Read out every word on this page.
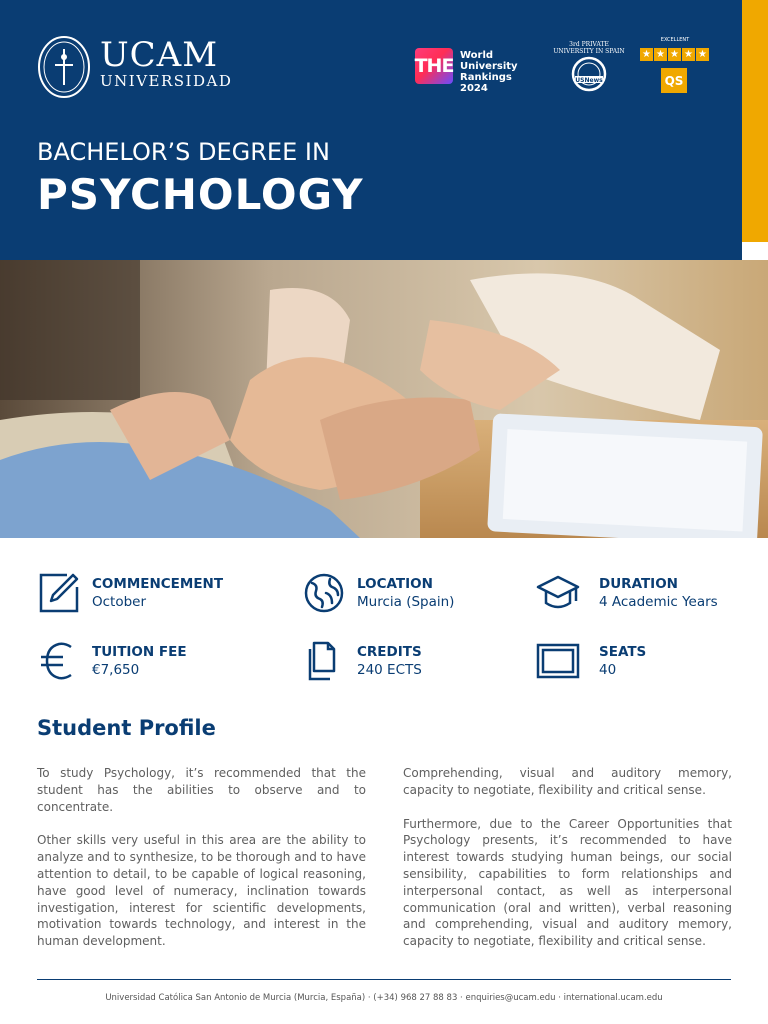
UCAM
UNIVERSIDAD
THE World
University
Rankings 2024
3rd PRIVATE
UNIVERSITY IN SPAIN
USNews
EXCELLENT
★ ★ ★ ★ ★
QS
BACHELOR’S DEGREE IN
PSYCHOLOGY
COMMENCEMENT
October
LOCATION
Murcia (Spain)
DURATION
4 Academic Years
TUITION FEE
€7,650
CREDITS
240 ECTS
SEATS
40
Student Profile

To study Psychology, it’s recommended that the student has the abilities to observe and to concentrate.

Other skills very useful in this area are the ability to analyze and to synthesize, to be thorough and to have attention to detail, to be capable of logical reasoning, have good level of numeracy, inclination towards investigation, interest for scientific developments, motivation towards technology, and interest in the human development.

Comprehending, visual and auditory memory, capacity to negotiate, flexibility and critical sense.

Furthermore, due to the Career Opportunities that Psychology presents, it’s recommended to have interest towards studying human beings, our social sensibility, capabilities to form relationships and interpersonal contact, as well as interpersonal communication (oral and written), verbal reasoning and comprehending, visual and auditory memory, capacity to negotiate, flexibility and critical sense.

Universidad Católica San Antonio de Murcia (Murcia, España) · (+34) 968 27 88 83 · enquiries@ucam.edu · international.ucam.edu
